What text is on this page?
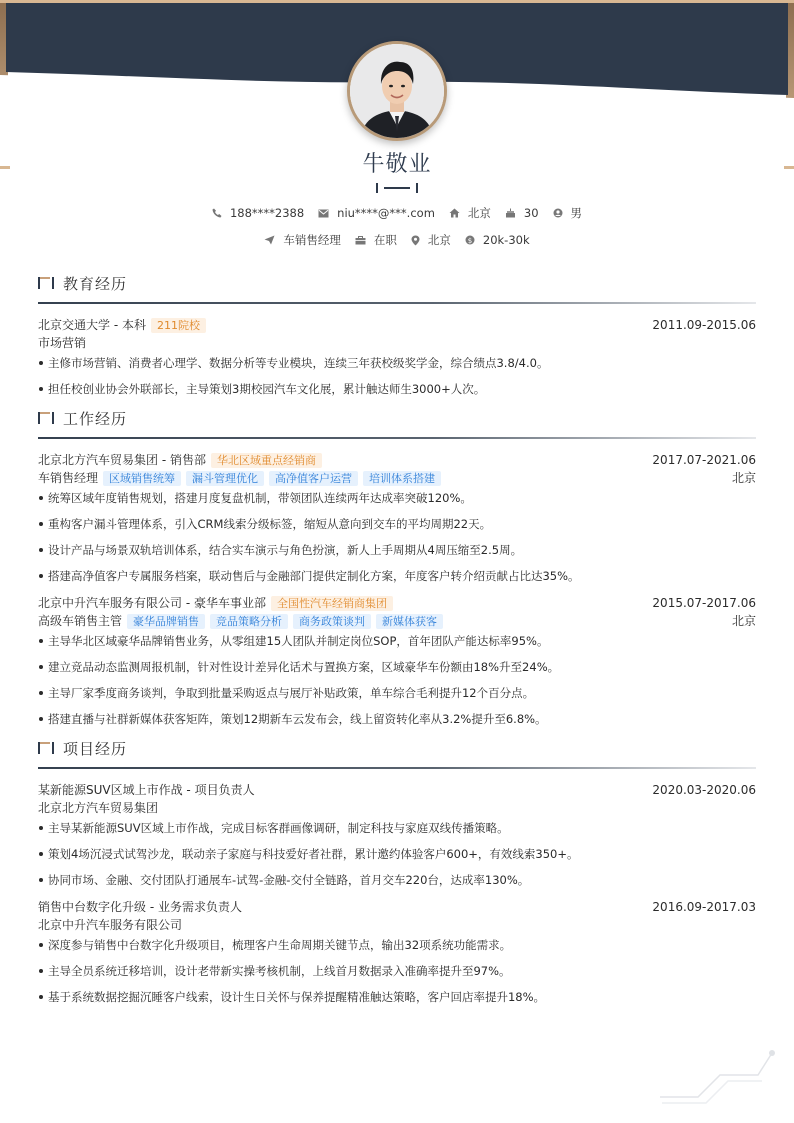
牛敬业
188****2388	niu****@***.com	北京	30	男
车销售经理	在职	北京 $ 20k-30k
教育经历
北京交通大学 - 本科	211院校	2011.09-2015.06
市场营销
主修市场营销、消费者心理学、数据分析等专业模块，连续三年获校级奖学金，综合绩点3.8/4.0。
担任校创业协会外联部长，主导策划3期校园汽车文化展，累计触达师生3000+人次。
工作经历
北京北方汽车贸易集团 - 销售部	华北区域重点经销商	2017.07-2021.06
车销售经理	区域销售统筹	漏斗管理优化	高净值客户运营	培训体系搭建	北京
统筹区域年度销售规划，搭建月度复盘机制，带领团队连续两年达成率突破120%。
重构客户漏斗管理体系，引入CRM线索分级标签，缩短从意向到交车的平均周期22天。
设计产品与场景双轨培训体系，结合实车演示与角色扮演，新人上手周期从4周压缩至2.5周。
搭建高净值客户专属服务档案，联动售后与金融部门提供定制化方案，年度客户转介绍贡献占比达35%。
北京中升汽车服务有限公司 - 豪华车事业部	全国性汽车经销商集团	2015.07-2017.06
高级车销售主管	豪华品牌销售	竞品策略分析	商务政策谈判	新媒体获客	北京
主导华北区域豪华品牌销售业务，从零组建15人团队并制定岗位SOP，首年团队产能达标率95%。
建立竞品动态监测周报机制，针对性设计差异化话术与置换方案，区域豪华车份额由18%升至24%。
主导厂家季度商务谈判，争取到批量采购返点与展厅补贴政策，单车综合毛利提升12个百分点。
搭建直播与社群新媒体获客矩阵，策划12期新车云发布会，线上留资转化率从3.2%提升至6.8%。
项目经历
某新能源SUV区域上市作战 - 项目负责人	2020.03-2020.06
北京北方汽车贸易集团
主导某新能源SUV区域上市作战，完成目标客群画像调研，制定科技与家庭双线传播策略。
策划4场沉浸式试驾沙龙，联动亲子家庭与科技爱好者社群，累计邀约体验客户600+，有效线索350+。
协同市场、金融、交付团队打通展车-试驾-金融-交付全链路，首月交车220台，达成率130%。
销售中台数字化升级 - 业务需求负责人	2016.09-2017.03
北京中升汽车服务有限公司
深度参与销售中台数字化升级项目，梳理客户生命周期关键节点，输出32项系统功能需求。
主导全员系统迁移培训，设计老带新实操考核机制，上线首月数据录入准确率提升至97%。
基于系统数据挖掘沉睡客户线索，设计生日关怀与保养提醒精准触达策略，客户回店率提升18%。
